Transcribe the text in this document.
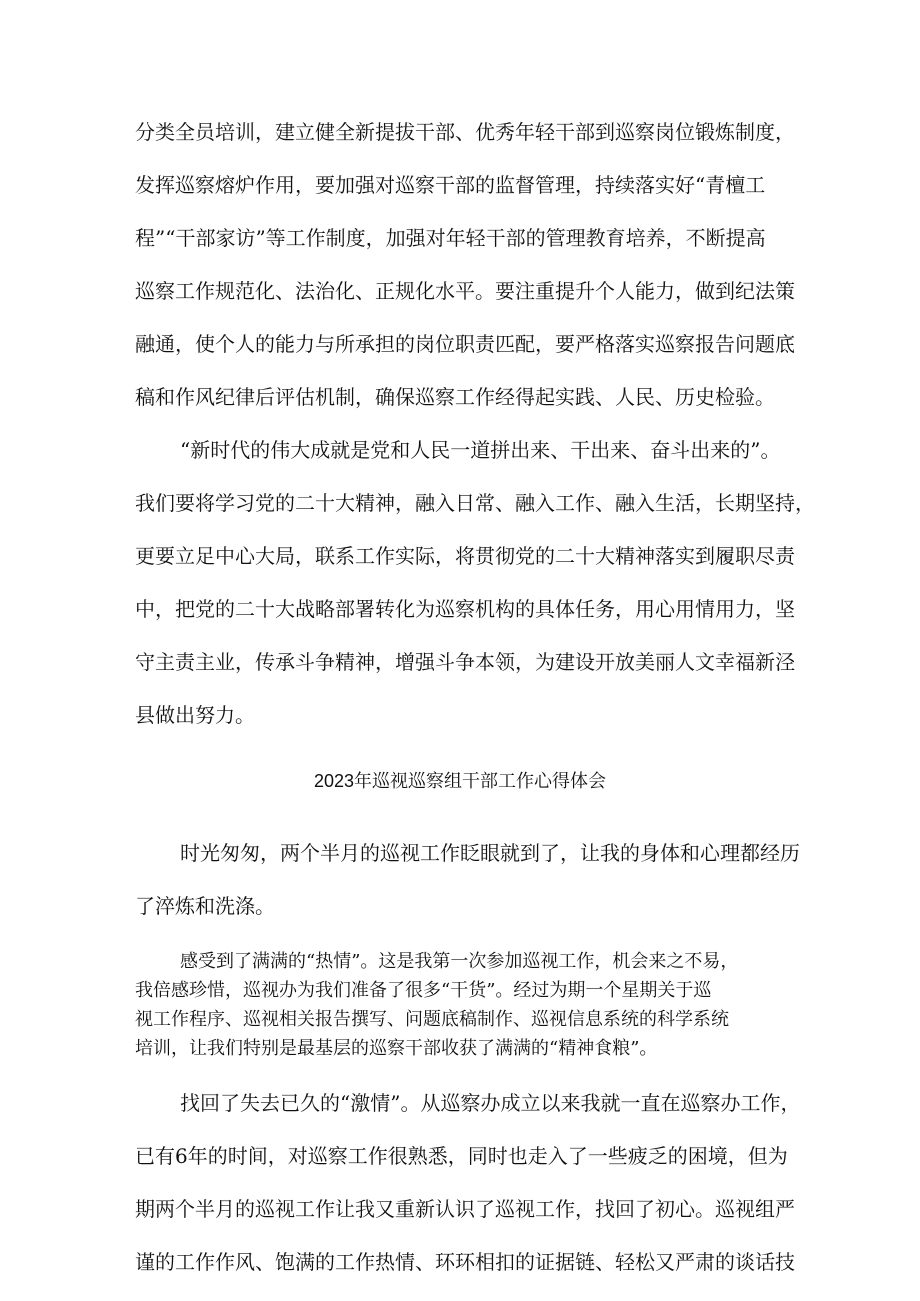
分类全员培训，建立健全新提拔干部、优秀年轻干部到巡察岗位锻炼制度，
发挥巡察熔炉作用，要加强对巡察干部的监督管理，持续落实好“青檀工
程”“干部家访”等工作制度，加强对年轻干部的管理教育培养，不断提高
巡察工作规范化、法治化、正规化水平。要注重提升个人能力，做到纪法策
融通，使个人的能力与所承担的岗位职责匹配，要严格落实巡察报告问题底
稿和作风纪律后评估机制，确保巡察工作经得起实践、人民、历史检验。
“新时代的伟大成就是党和人民一道拼出来、干出来、奋斗出来的”。
我们要将学习党的二十大精神，融入日常、融入工作、融入生活，长期坚持，
更要立足中心大局，联系工作实际，将贯彻党的二十大精神落实到履职尽责
中，把党的二十大战略部署转化为巡察机构的具体任务，用心用情用力，坚
守主责主业，传承斗争精神，增强斗争本领，为建设开放美丽人文幸福新泾
县做出努力。
2023年巡视巡察组干部工作心得体会
时光匆匆，两个半月的巡视工作眨眼就到了，让我的身体和心理都经历
了淬炼和洗涤。
感受到了满满的“热情”。这是我第一次参加巡视工作，机会来之不易，
我倍感珍惜，巡视办为我们准备了很多“干货”。经过为期一个星期关于巡
视工作程序、巡视相关报告撰写、问题底稿制作、巡视信息系统的科学系统
培训，让我们特别是最基层的巡察干部收获了满满的“精神食粮”。
找回了失去已久的“激情”。从巡察办成立以来我就一直在巡察办工作，
已有6年的时间，对巡察工作很熟悉，同时也走入了一些疲乏的困境，但为
期两个半月的巡视工作让我又重新认识了巡视工作，找回了初心。巡视组严
谨的工作作风、饱满的工作热情、环环相扣的证据链、轻松又严肃的谈话技
